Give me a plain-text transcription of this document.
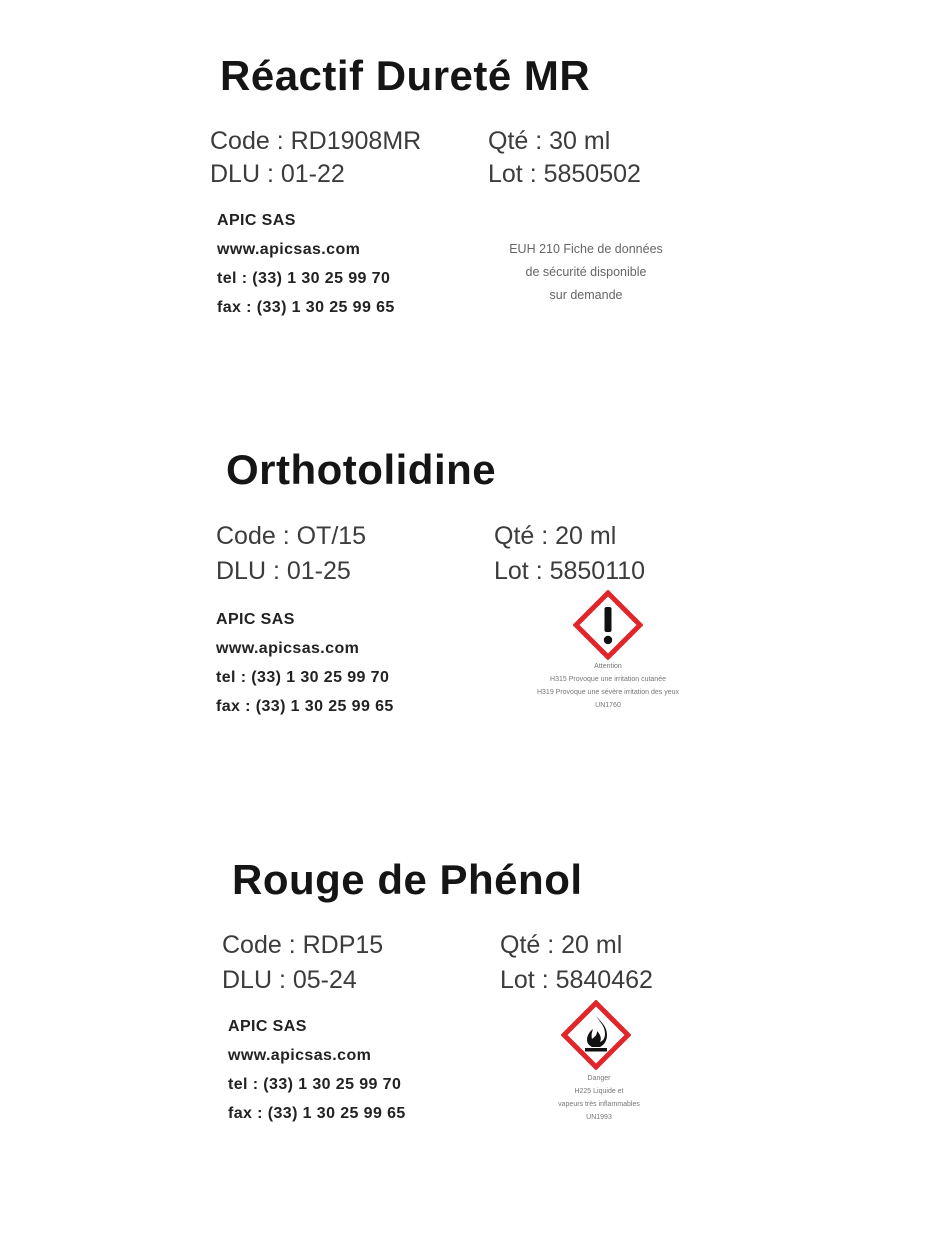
Réactif Dureté MR
Code : RD1908MR
DLU : 01-22
Qté : 30 ml
Lot : 5850502
APIC SAS
www.apicsas.com
tel : (33) 1 30 25 99 70
fax : (33) 1 30 25 99 65
EUH 210 Fiche de données
de sécurité disponible
sur demande
Orthotolidine
Code : OT/15
DLU : 01-25
Qté : 20 ml
Lot : 5850110
APIC SAS
www.apicsas.com
tel : (33) 1 30 25 99 70
fax : (33) 1 30 25 99 65
Attention
H315 Provoque une irritation cutanée
H319 Provoque une sévère irritation des yeux
UN1760
Rouge de Phénol
Code : RDP15
DLU : 05-24
Qté : 20 ml
Lot : 5840462
APIC SAS
www.apicsas.com
tel : (33) 1 30 25 99 70
fax : (33) 1 30 25 99 65
Danger
H225 Liquide et
vapeurs très inflammables
UN1993
